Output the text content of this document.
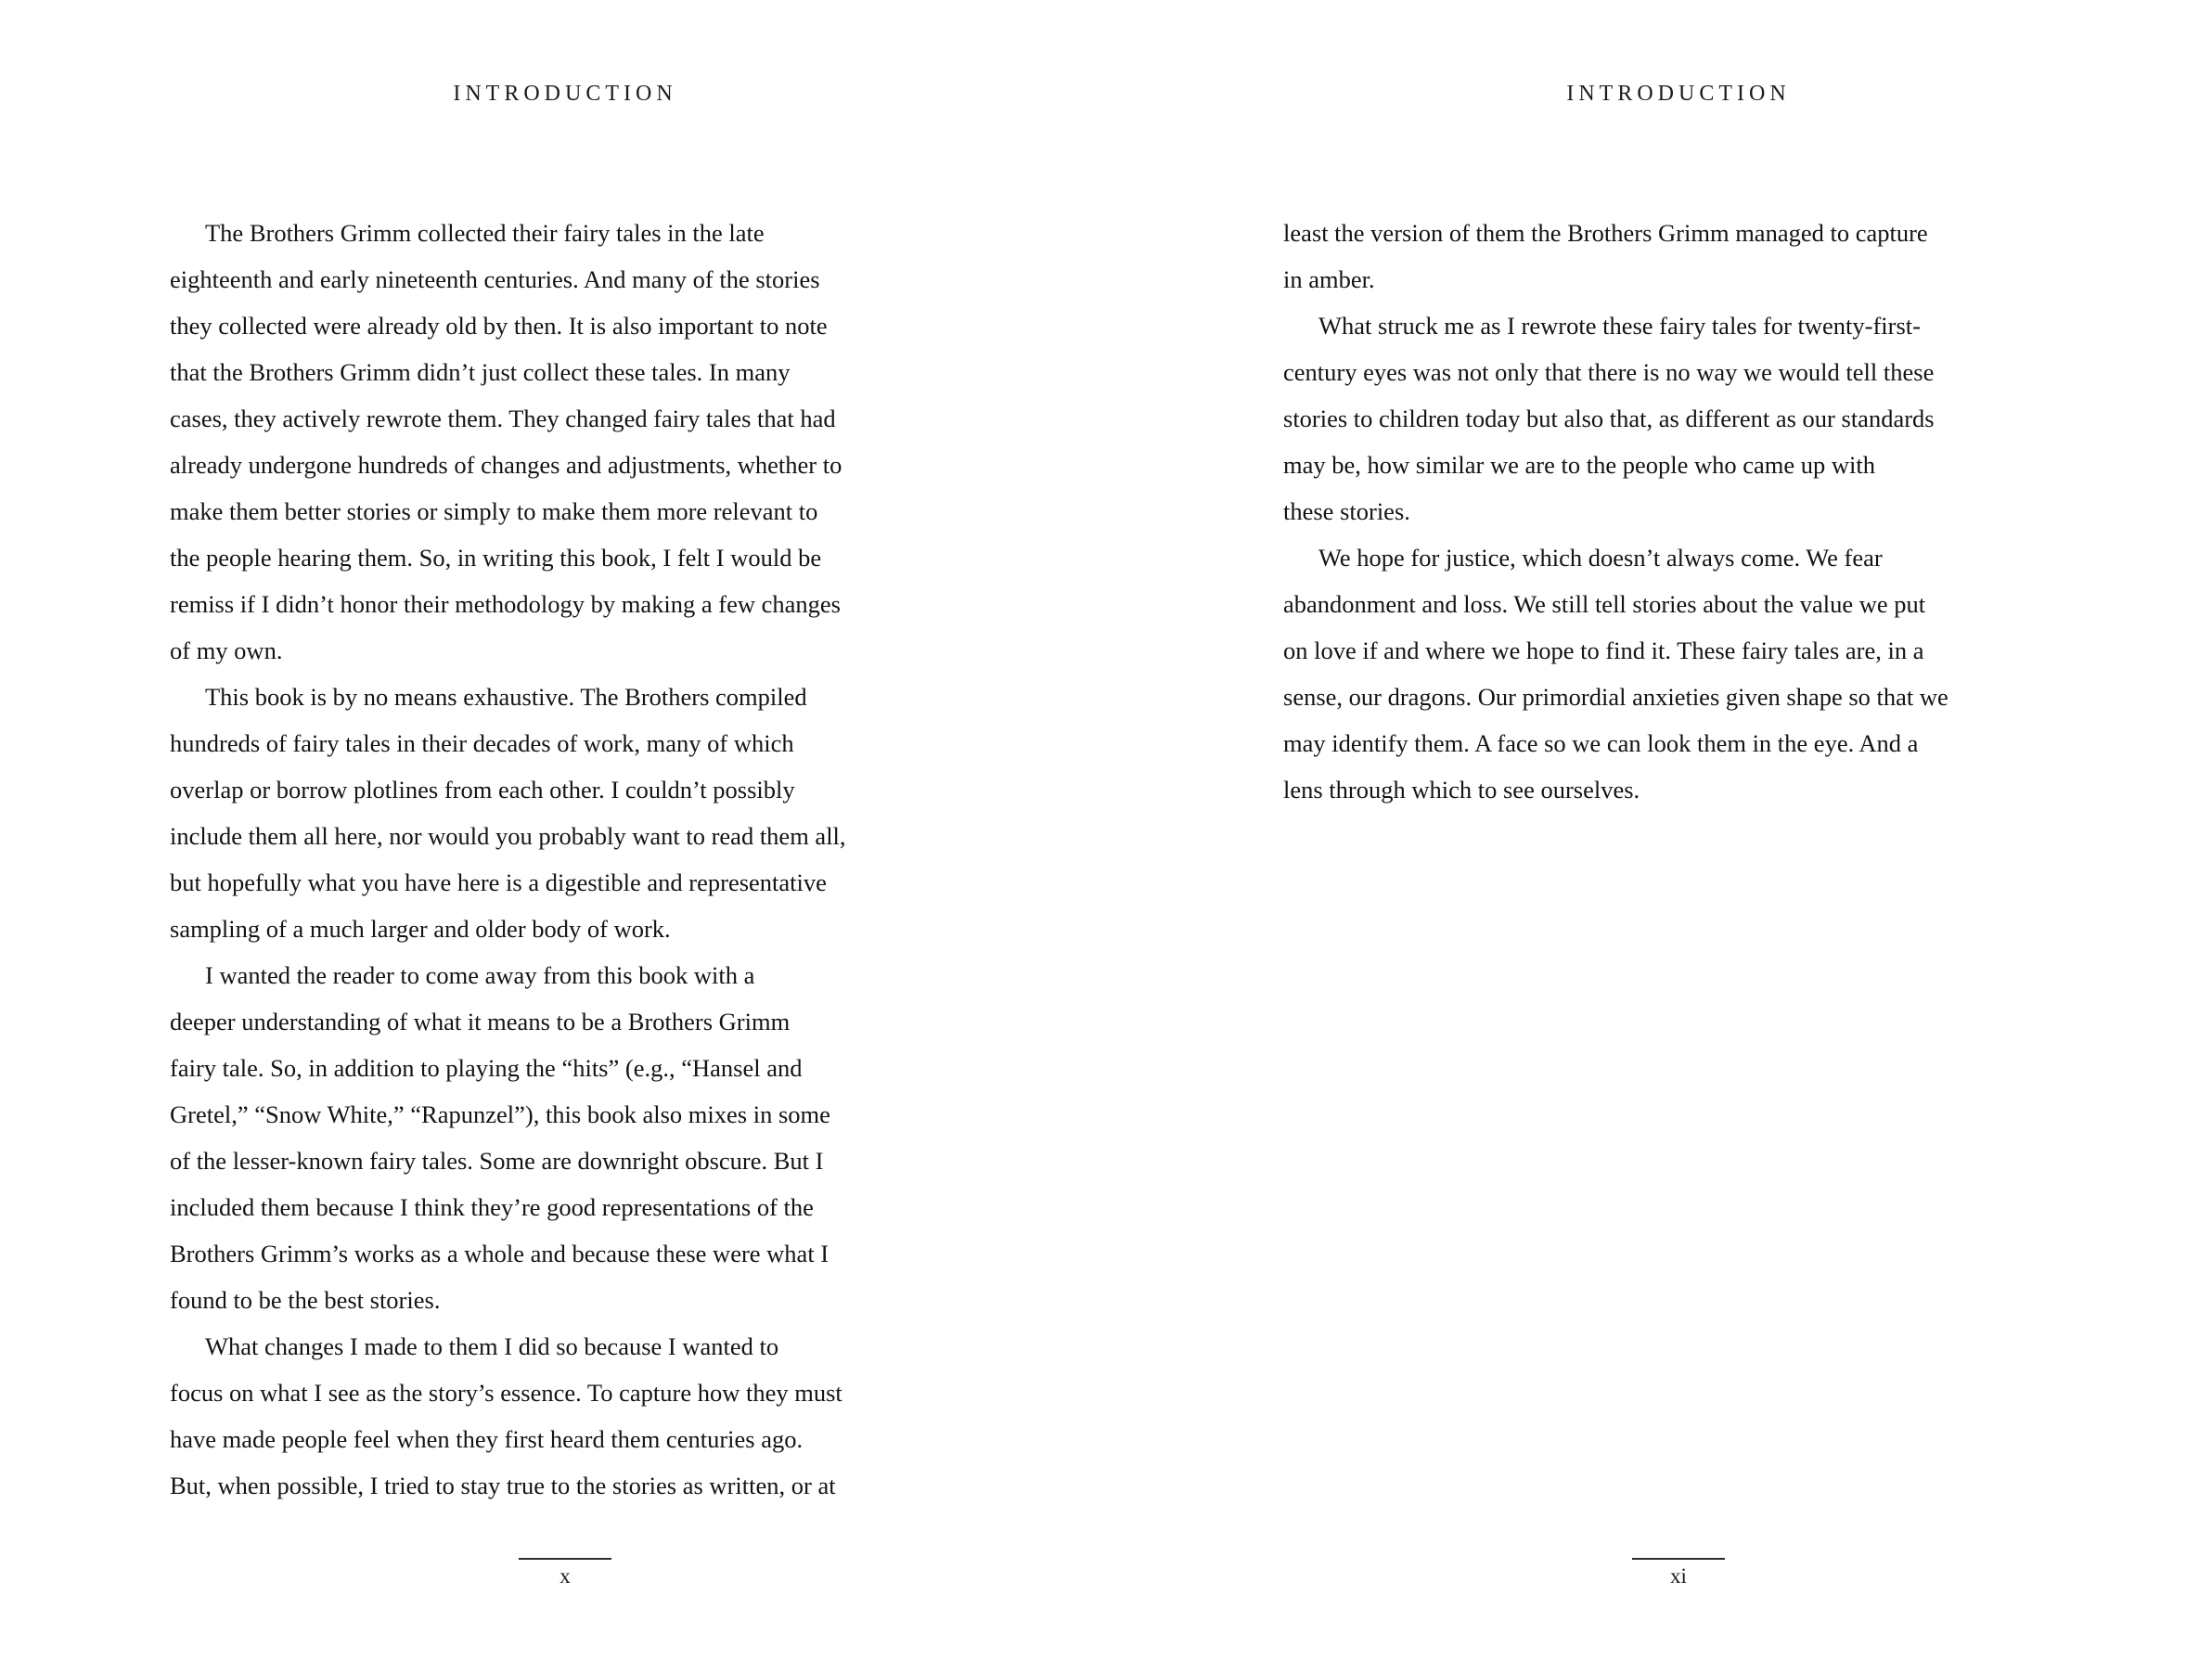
INTRODUCTION
The Brothers Grimm collected their fairy tales in the late
eighteenth and early nineteenth centuries. And many of the stories
they collected were already old by then. It is also important to note
that the Brothers Grimm didn’t just collect these tales. In many
cases, they actively rewrote them. They changed fairy tales that had
already undergone hundreds of changes and adjustments, whether to
make them better stories or simply to make them more relevant to
the people hearing them. So, in writing this book, I felt I would be
remiss if I didn’t honor their methodology by making a few changes
of my own.
This book is by no means exhaustive. The Brothers compiled
hundreds of fairy tales in their decades of work, many of which
overlap or borrow plotlines from each other. I couldn’t possibly
include them all here, nor would you probably want to read them all,
but hopefully what you have here is a digestible and representative
sampling of a much larger and older body of work.
I wanted the reader to come away from this book with a
deeper understanding of what it means to be a Brothers Grimm
fairy tale. So, in addition to playing the “hits” (e.g., “Hansel and
Gretel,” “Snow White,” “Rapunzel”), this book also mixes in some
of the lesser-known fairy tales. Some are downright obscure. But I
included them because I think they’re good representations of the
Brothers Grimm’s works as a whole and because these were what I
found to be the best stories.
What changes I made to them I did so because I wanted to
focus on what I see as the story’s essence. To capture how they must
have made people feel when they first heard them centuries ago.
But, when possible, I tried to stay true to the stories as written, or at
x
INTRODUCTION
least the version of them the Brothers Grimm managed to capture
in amber.
What struck me as I rewrote these fairy tales for twenty-first-
century eyes was not only that there is no way we would tell these
stories to children today but also that, as different as our standards
may be, how similar we are to the people who came up with
these stories.
We hope for justice, which doesn’t always come. We fear
abandonment and loss. We still tell stories about the value we put
on love if and where we hope to find it. These fairy tales are, in a
sense, our dragons. Our primordial anxieties given shape so that we
may identify them. A face so we can look them in the eye. And a
lens through which to see ourselves.
xi
